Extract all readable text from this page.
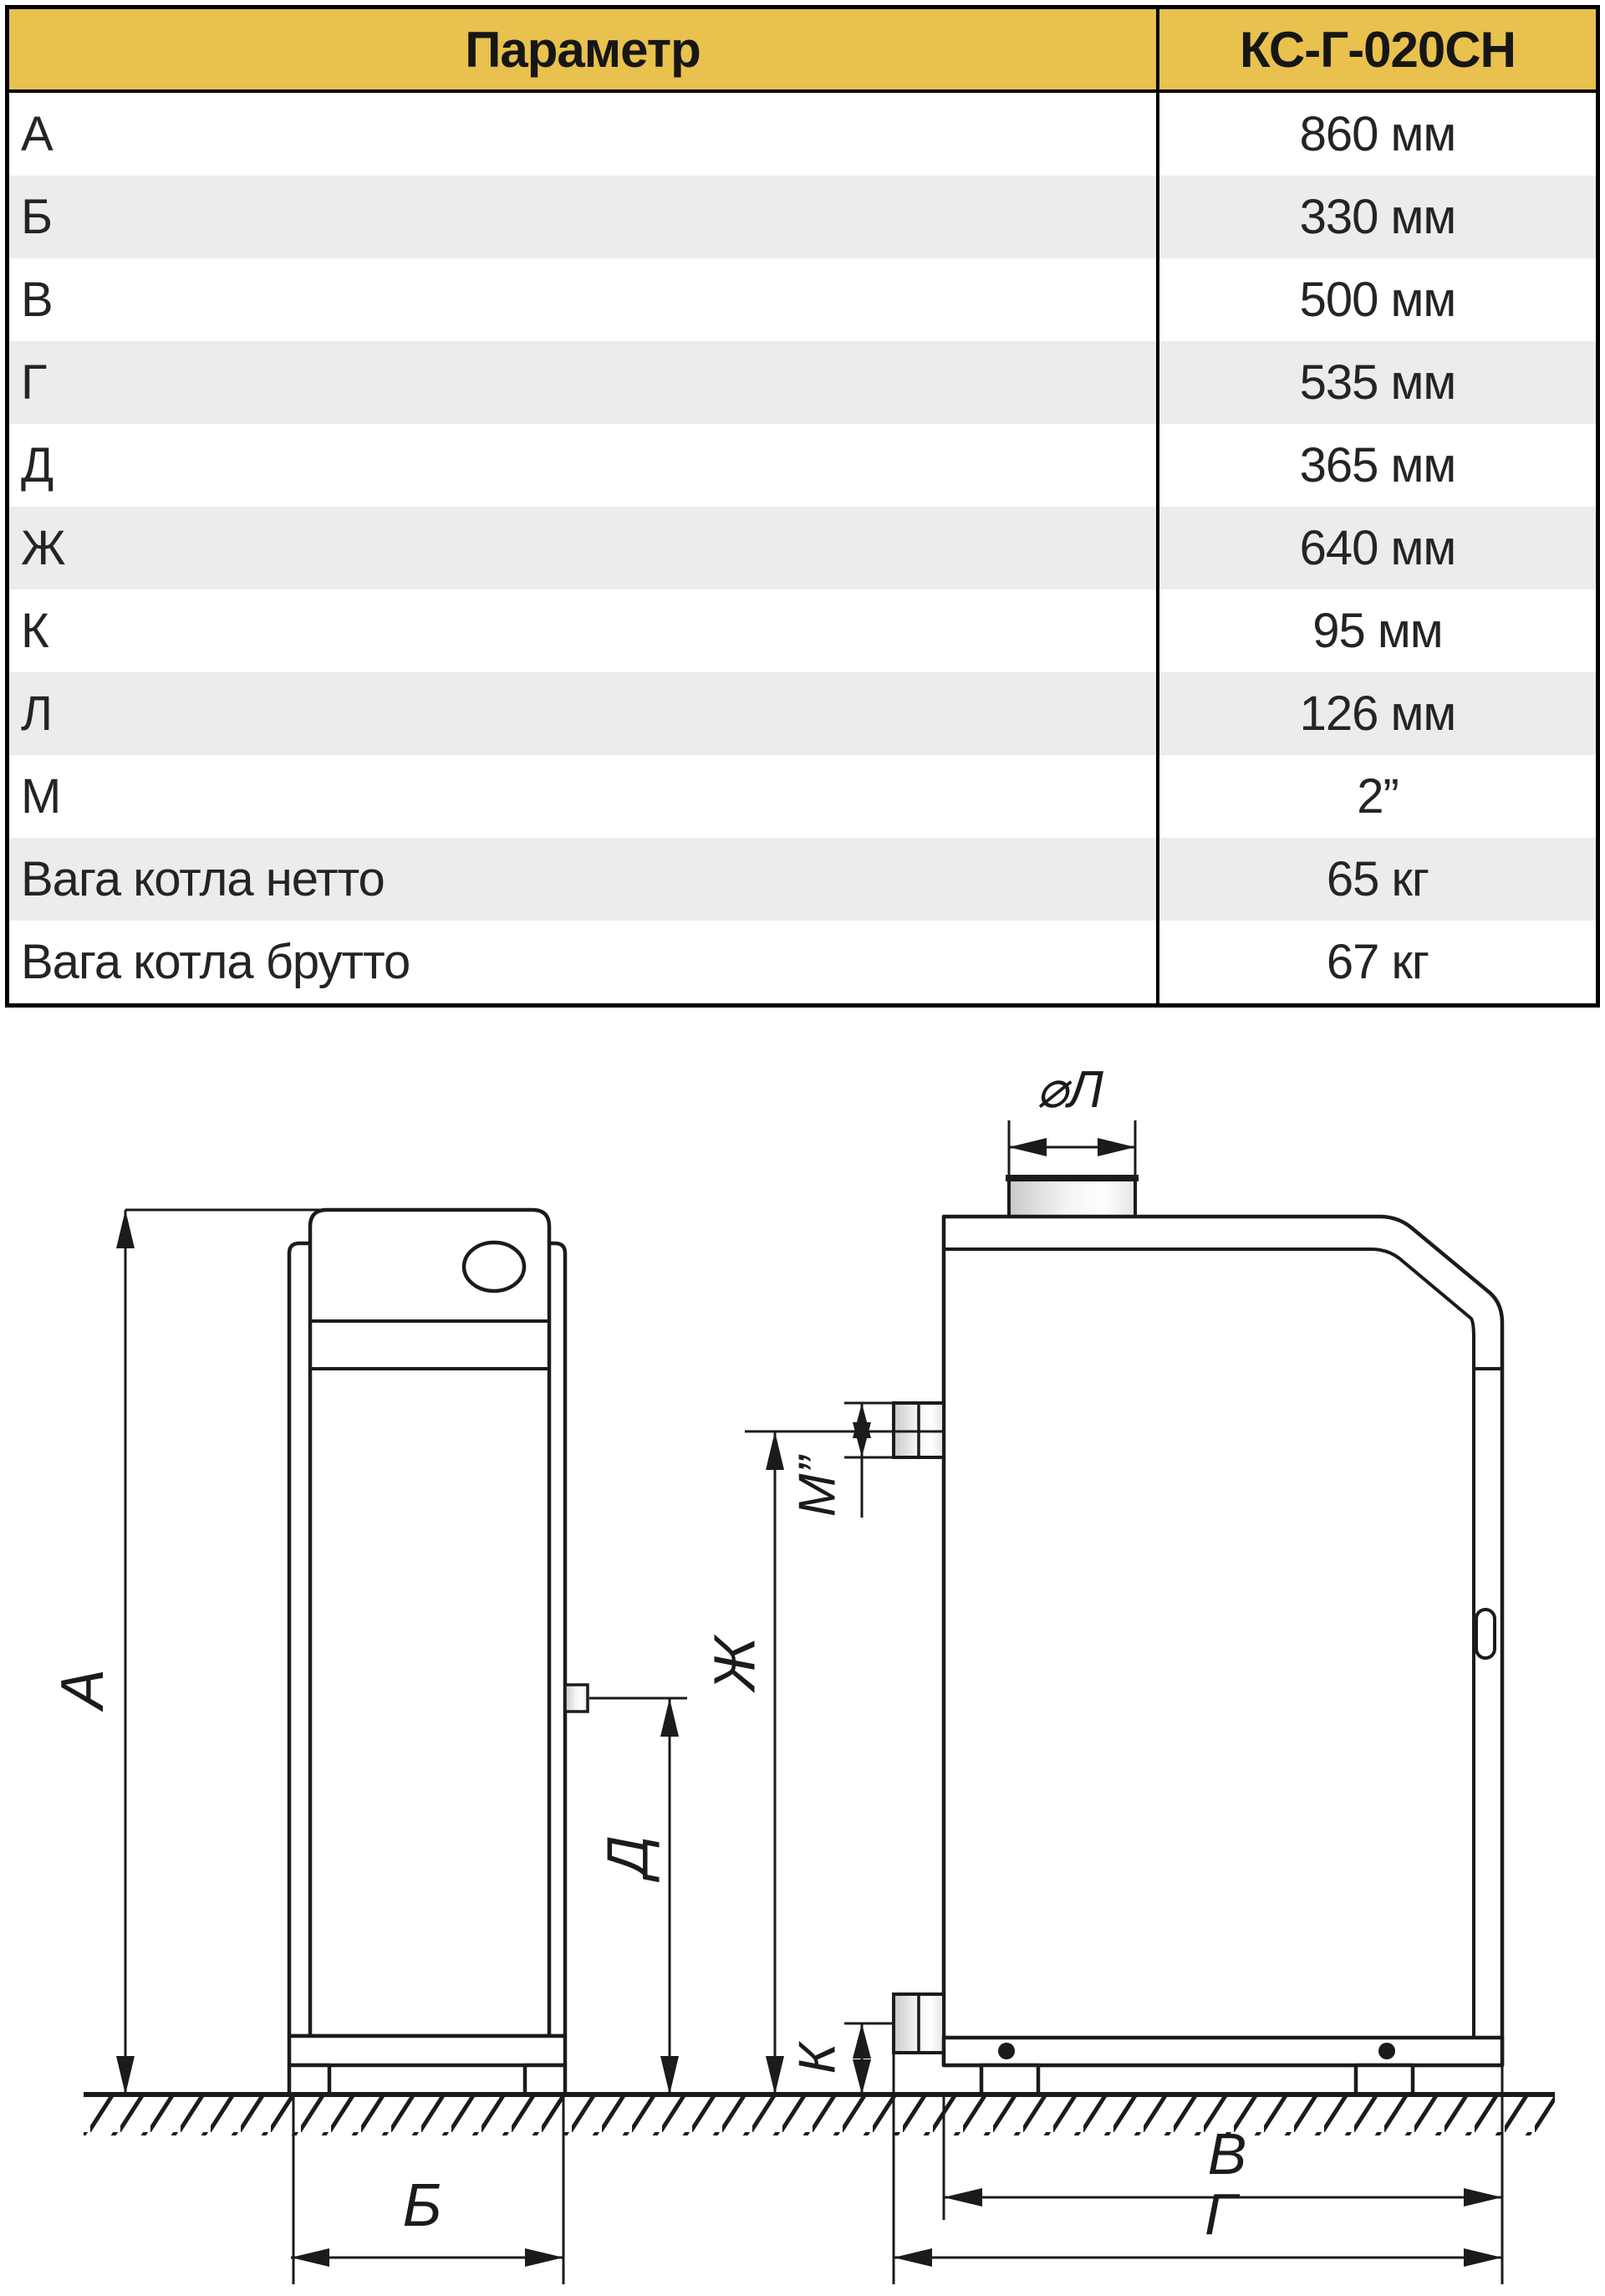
Параметр	КС-Г-020СН
А	860 мм
Б	330 мм
В	500 мм
Г	535 мм
Д	365 мм
Ж	640 мм
К	95 мм
Л	126 мм
М	2”
Вага котла нетто	65 кг
Вага котла брутто	67 кг
А
Б
Д
Ж
М”
К
⌀Л
В
Г
